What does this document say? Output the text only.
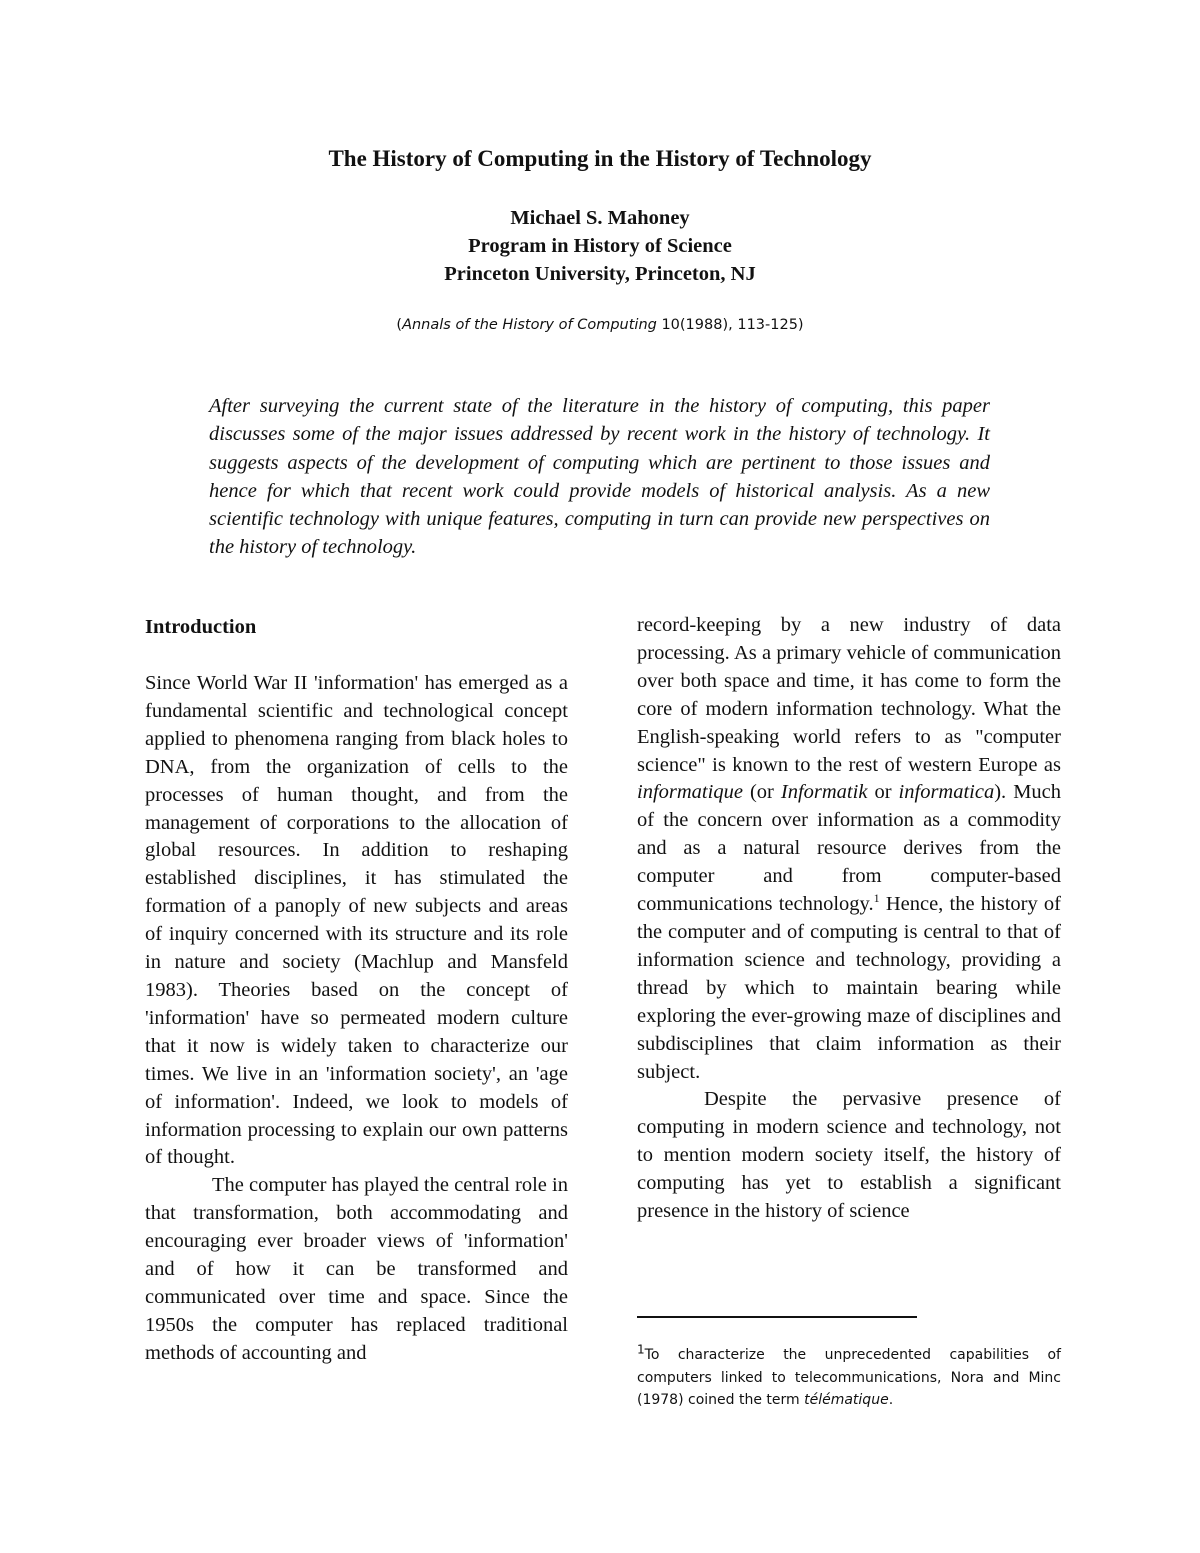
The History of Computing in the History of Technology
Michael S. Mahoney
Program in History of Science
Princeton University, Princeton, NJ
(Annals of the History of Computing 10(1988), 113-125)
After surveying the current state of the literature in the history of computing, this paper discusses some of the major issues addressed by recent work in the history of technology. It suggests aspects of the development of computing which are pertinent to those issues and hence for which that recent work could provide models of historical analysis. As a new scientific technology with unique features, computing in turn can provide new perspectives on the history of technology.

Introduction

Since World War II 'information' has emerged as a fundamental scientific and technological concept applied to phenomena ranging from black holes to DNA, from the organization of cells to the processes of human thought, and from the management of corporations to the allocation of global resources. In addition to reshaping established disciplines, it has stimulated the formation of a panoply of new subjects and areas of inquiry concerned with its structure and its role in nature and society (Machlup and Mansfeld 1983). Theories based on the concept of 'information' have so permeated modern culture that it now is widely taken to characterize our times. We live in an 'information society', an 'age of information'. Indeed, we look to models of information processing to explain our own patterns of thought.

The computer has played the central role in that transformation, both accommodating and encouraging ever broader views of 'information' and of how it can be transformed and communicated over time and space. Since the 1950s the computer has replaced traditional methods of accounting and

record-keeping by a new industry of data processing. As a primary vehicle of communication over both space and time, it has come to form the core of modern information technology. What the English-speaking world refers to as "computer science" is known to the rest of western Europe as informatique (or Informatik or informatica). Much of the concern over information as a commodity and as a natural resource derives from the computer and from computer-based communications technology.$^1$ Hence, the history of the computer and of computing is central to that of information science and technology, providing a thread by which to maintain bearing while exploring the ever-growing maze of disciplines and subdisciplines that claim information as their subject.

Despite the pervasive presence of computing in modern science and technology, not to mention modern society itself, the history of computing has yet to establish a significant presence in the history of science

1To characterize the unprecedented capabilities of computers linked to telecommunications, Nora and Minc (1978) coined the term télématique.
